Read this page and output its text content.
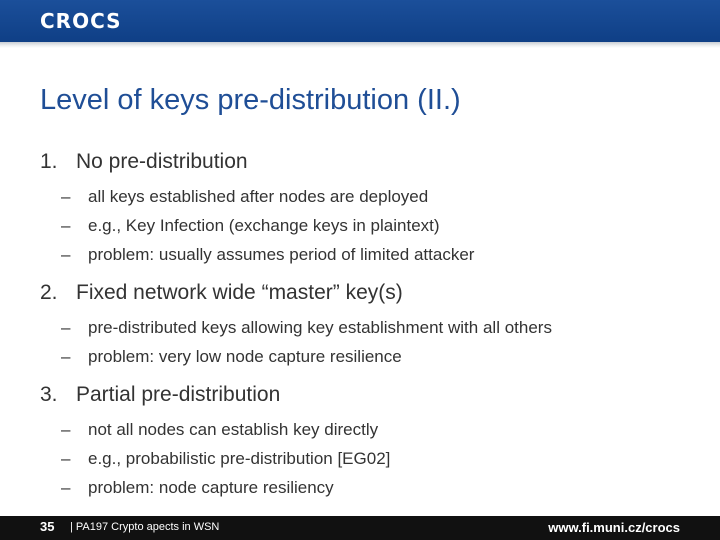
CROCS
Level of keys pre-distribution (II.)
1. No pre-distribution
– all keys established after nodes are deployed
– e.g., Key Infection (exchange keys in plaintext)
– problem: usually assumes period of limited attacker
2. Fixed network wide “master” key(s)
– pre-distributed keys allowing key establishment with all others
– problem: very low node capture resilience
3. Partial pre-distribution
– not all nodes can establish key directly
– e.g., probabilistic pre-distribution [EG02]
– problem: node capture resiliency
35 | PA197 Crypto apects in WSN	www.fi.muni.cz/crocs
